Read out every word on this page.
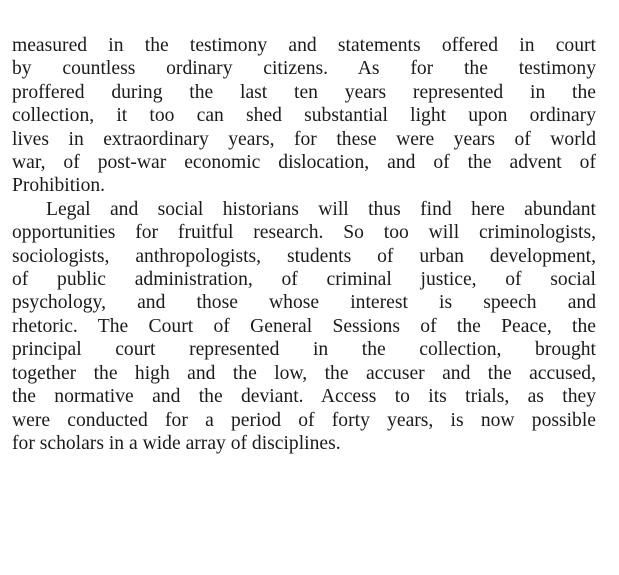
measured in the testimony and statements offered in court
by countless ordinary citizens. As for the testimony
proffered during the last ten years represented in the
collection, it too can shed substantial light upon ordinary
lives in extraordinary years, for these were years of world
war, of post-war economic dislocation, and of the advent of
Prohibition.

Legal and social historians will thus find here abundant
opportunities for fruitful research. So too will criminologists,
sociologists, anthropologists, students of urban development,
of public administration, of criminal justice, of social
psychology, and those whose interest is speech and
rhetoric. The Court of General Sessions of the Peace, the
principal court represented in the collection, brought
together the high and the low, the accuser and the accused,
the normative and the deviant. Access to its trials, as they
were conducted for a period of forty years, is now possible
for scholars in a wide array of disciplines.
